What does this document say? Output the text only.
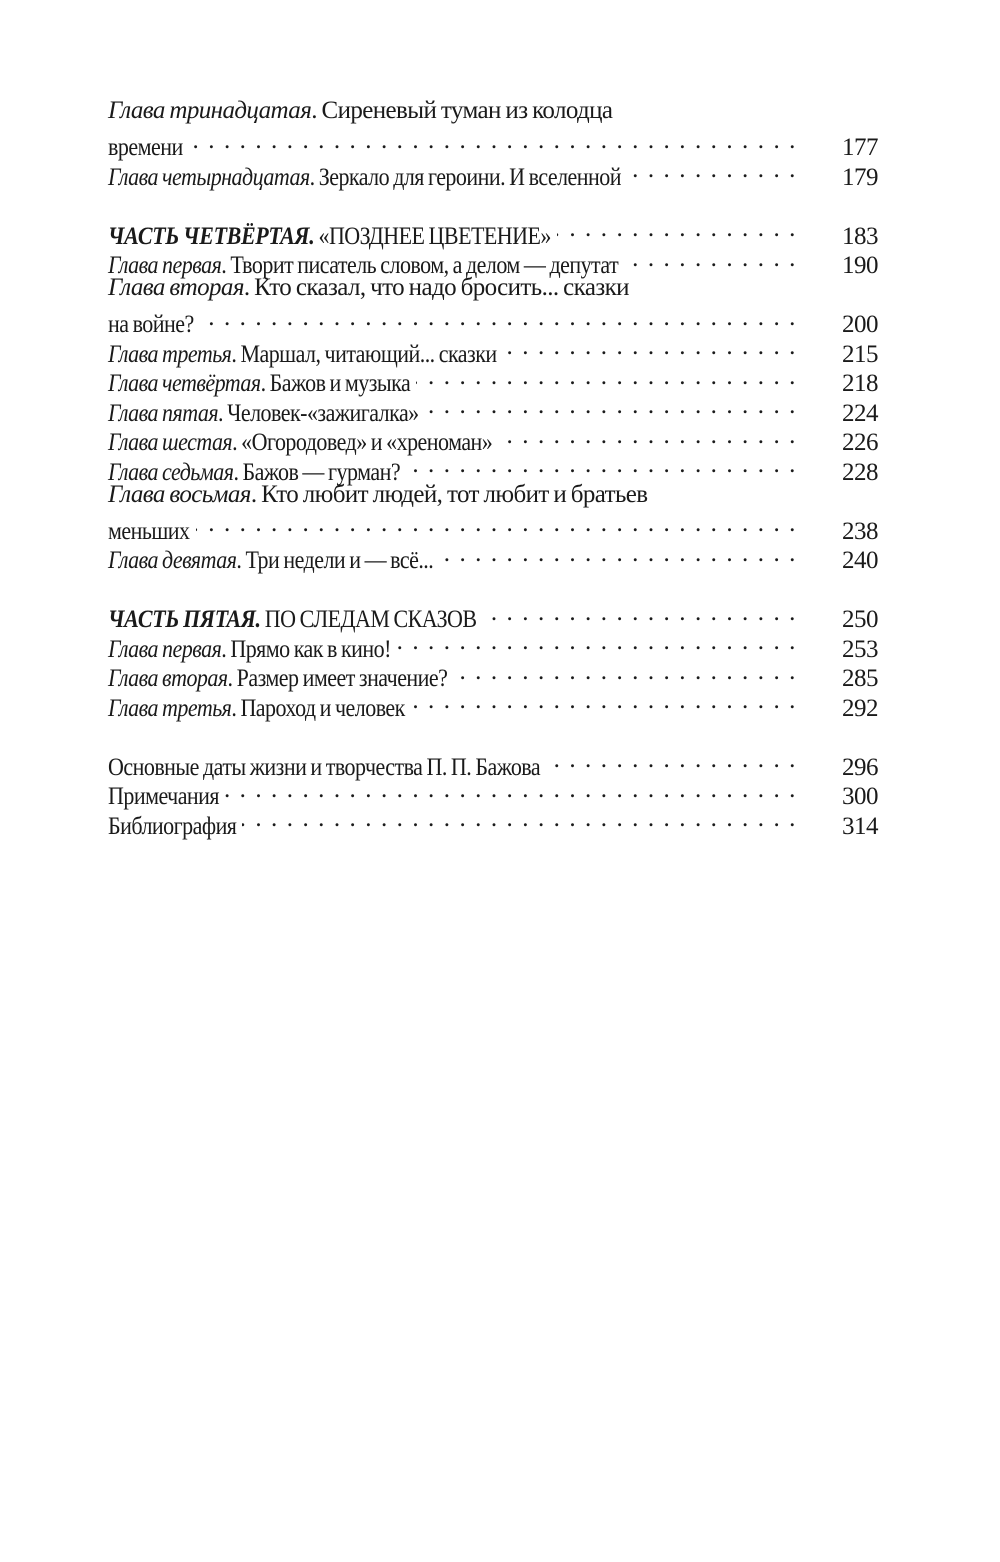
Глава тринадцатая. Сиреневый туман из колодца
времени . . .	177
Глава четырнадцатая. Зеркало для героини. И вселенной . . .	179
ЧАСТЬ ЧЕТВЁРТАЯ. «ПОЗДНЕЕ ЦВЕТЕНИЕ» . . .	183
Глава первая. Творит писатель словом, а делом — депутат . . .	190
Глава вторая. Кто сказал, что надо бросить... сказки
на войне? . . .	200
Глава третья. Маршал, читающий... сказки . . .	215
Глава четвёртая. Бажов и музыка . . .	218
Глава пятая. Человек-«зажигалка» . . .	224
Глава шестая. «Огородовед» и «хреноман» . . .	226
Глава седьмая. Бажов — гурман? . . .	228
Глава восьмая. Кто любит людей, тот любит и братьев
меньших . . .	238
Глава девятая. Три недели и — всё... . . .	240
ЧАСТЬ ПЯТАЯ. ПО СЛЕДАМ СКАЗОВ . . .	250
Глава первая. Прямо как в кино! . . .	253
Глава вторая. Размер имеет значение? . . .	285
Глава третья. Пароход и человек . . .	292
Основные даты жизни и творчества П. П. Бажова . . .	296
Примечания . . .	300
Библиография . . .	314
